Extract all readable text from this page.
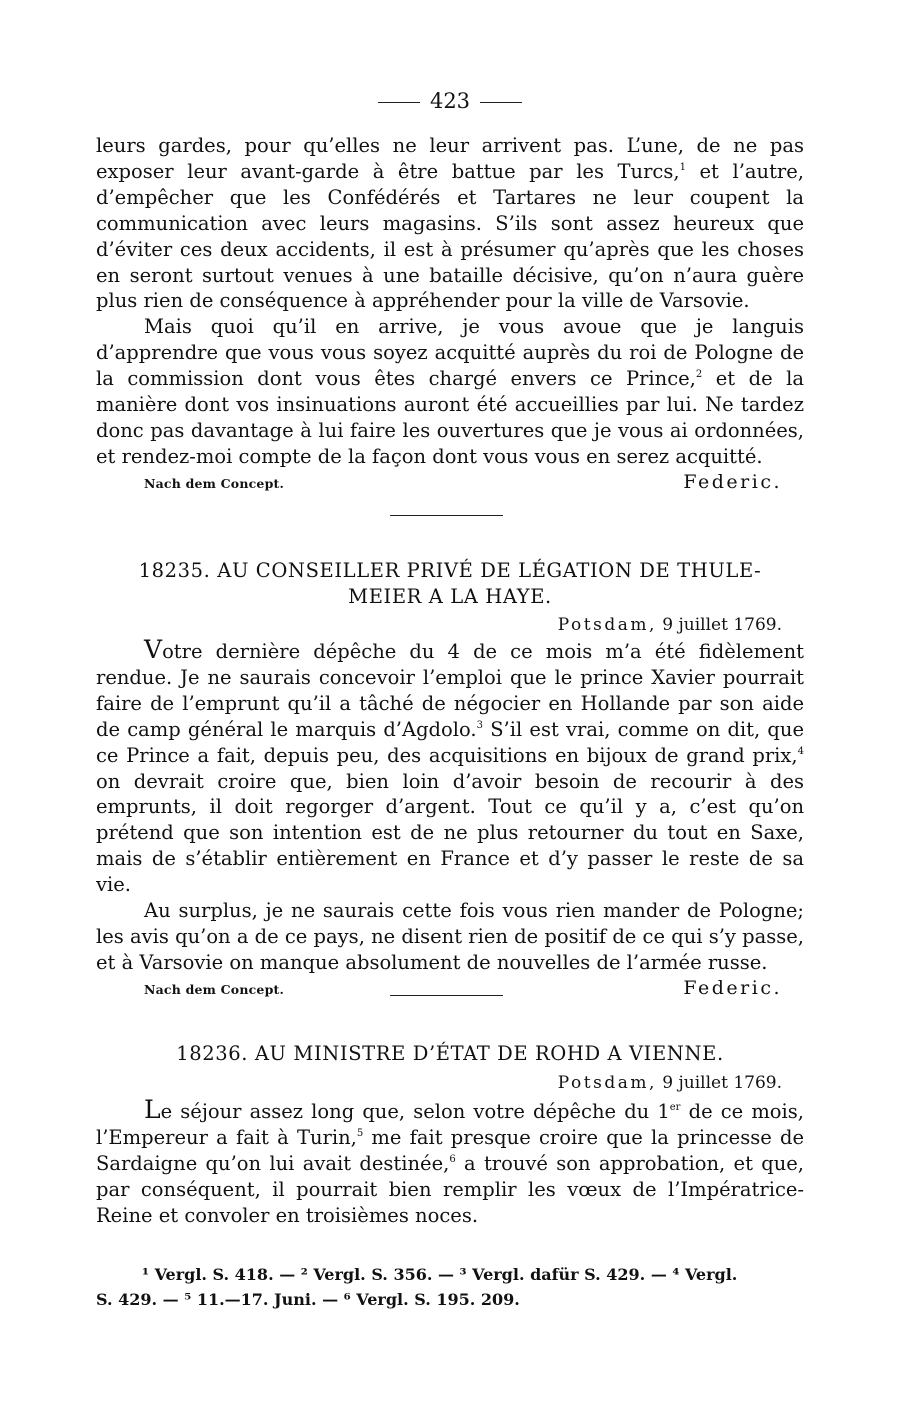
423

leurs gardes, pour qu’elles ne leur arrivent pas. L’une, de ne pas exposer leur avant-garde à être battue par les Turcs,$^1$ et l’autre, d’empêcher que les Confédérés et Tartares ne leur coupent la communication avec leurs magasins. S’ils sont assez heureux que d’éviter ces deux accidents, il est à présumer qu’après que les choses en seront surtout venues à une bataille décisive, qu’on n’aura guère plus rien de conséquence à appréhender pour la ville de Varsovie.

Mais quoi qu’il en arrive, je vous avoue que je languis d’apprendre que vous vous soyez acquitté auprès du roi de Pologne de la commission dont vous êtes chargé envers ce Prince,$^2$ et de la manière dont vos insinuations auront été accueillies par lui. Ne tardez donc pas davantage à lui faire les ouvertures que je vous ai ordonnées, et rendez-moi compte de la façon dont vous vous en serez acquitté.

Nach dem Concept.	Federic.
18235. AU CONSEILLER PRIVÉ DE LÉGATION DE THULE-
MEIER A LA HAYE.
Potsdam, 9 juillet 1769.

Votre dernière dépêche du 4 de ce mois m’a été fidèlement rendue. Je ne saurais concevoir l’emploi que le prince Xavier pourrait faire de l’emprunt qu’il a tâché de négocier en Hollande par son aide de camp général le marquis d’Agdolo.$^3$ S’il est vrai, comme on dit, que ce Prince a fait, depuis peu, des acquisitions en bijoux de grand prix,$^4$ on devrait croire que, bien loin d’avoir besoin de recourir à des emprunts, il doit regorger d’argent. Tout ce qu’il y a, c’est qu’on prétend que son intention est de ne plus retourner du tout en Saxe, mais de s’établir entièrement en France et d’y passer le reste de sa vie.

Au surplus, je ne saurais cette fois vous rien mander de Pologne; les avis qu’on a de ce pays, ne disent rien de positif de ce qui s’y passe, et à Varsovie on manque absolument de nouvelles de l’armée russe.

Nach dem Concept.	Federic.
18236. AU MINISTRE D’ÉTAT DE ROHD A VIENNE.
Potsdam, 9 juillet 1769.

Le séjour assez long que, selon votre dépêche du 1er de ce mois, l’Empereur a fait à Turin,$^5$ me fait presque croire que la princesse de Sardaigne qu’on lui avait destinée,$^6$ a trouvé son approbation, et que, par conséquent, il pourrait bien remplir les vœux de l’Impératrice-Reine et convoler en troisièmes noces.

¹ Vergl. S. 418. — ² Vergl. S. 356. — ³ Vergl. dafür S. 429. — ⁴ Vergl.
S. 429. — ⁵ 11.—17. Juni. — ⁶ Vergl. S. 195. 209.
